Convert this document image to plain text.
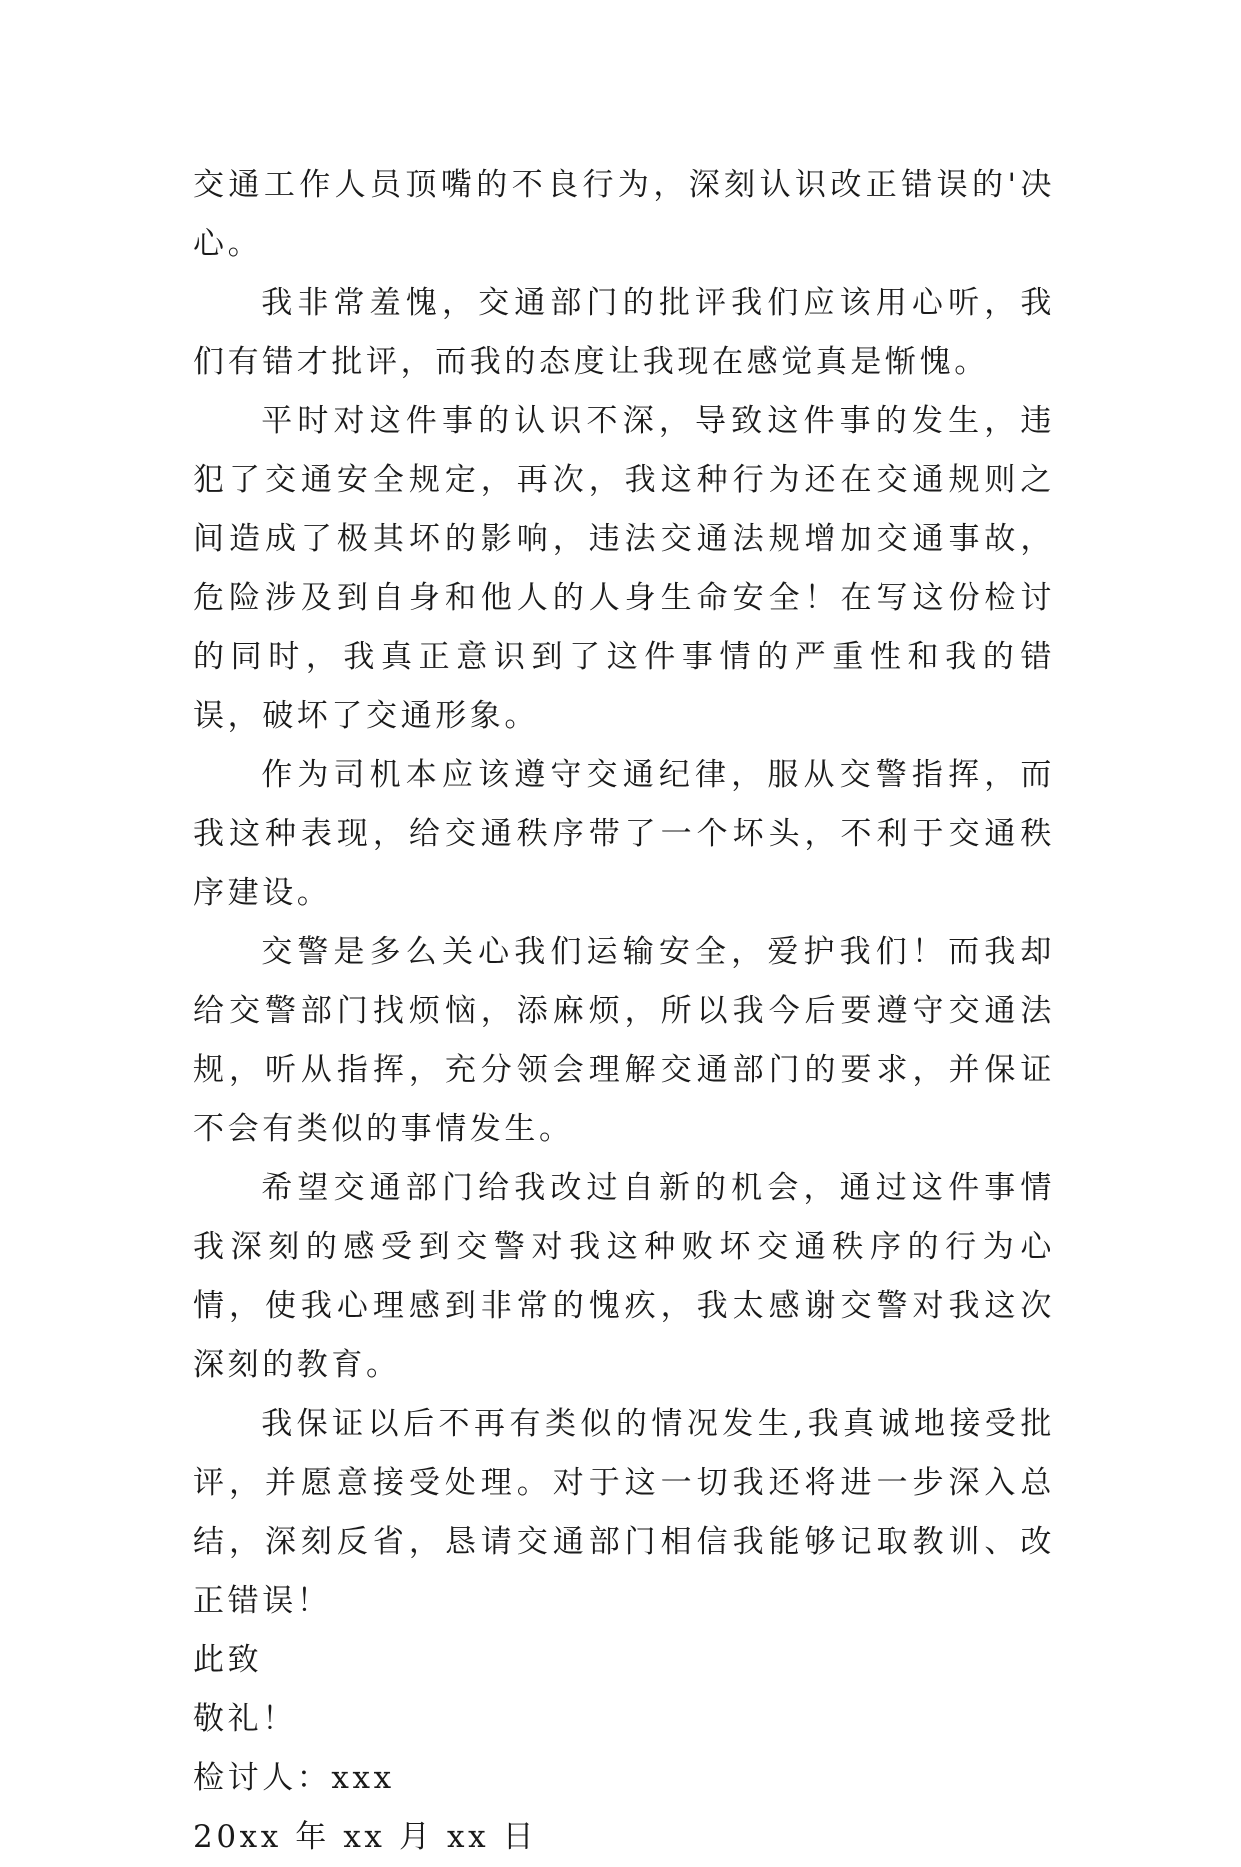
交通工作人员顶嘴的不良行为，深刻认识改正错误的'决心。

我非常羞愧，交通部门的批评我们应该用心听，我们有错才批评，而我的态度让我现在感觉真是惭愧。

平时对这件事的认识不深，导致这件事的发生，违犯了交通安全规定，再次，我这种行为还在交通规则之间造成了极其坏的影响，违法交通法规增加交通事故，危险涉及到自身和他人的人身生命安全！在写这份检讨的同时，我真正意识到了这件事情的严重性和我的错误，破坏了交通形象。

作为司机本应该遵守交通纪律，服从交警指挥，而我这种表现，给交通秩序带了一个坏头，不利于交通秩序建设。

交警是多么关心我们运输安全，爱护我们！而我却给交警部门找烦恼，添麻烦，所以我今后要遵守交通法规，听从指挥，充分领会理解交通部门的要求，并保证不会有类似的事情发生。

希望交通部门给我改过自新的机会，通过这件事情我深刻的感受到交警对我这种败坏交通秩序的行为心情，使我心理感到非常的愧疚，我太感谢交警对我这次深刻的教育。

我保证以后不再有类似的情况发生,我真诚地接受批评，并愿意接受处理。对于这一切我还将进一步深入总结，深刻反省，恳请交通部门相信我能够记取教训、改正错误！

此致

敬礼！

检讨人：xxx

20xx 年 xx 月 xx 日
